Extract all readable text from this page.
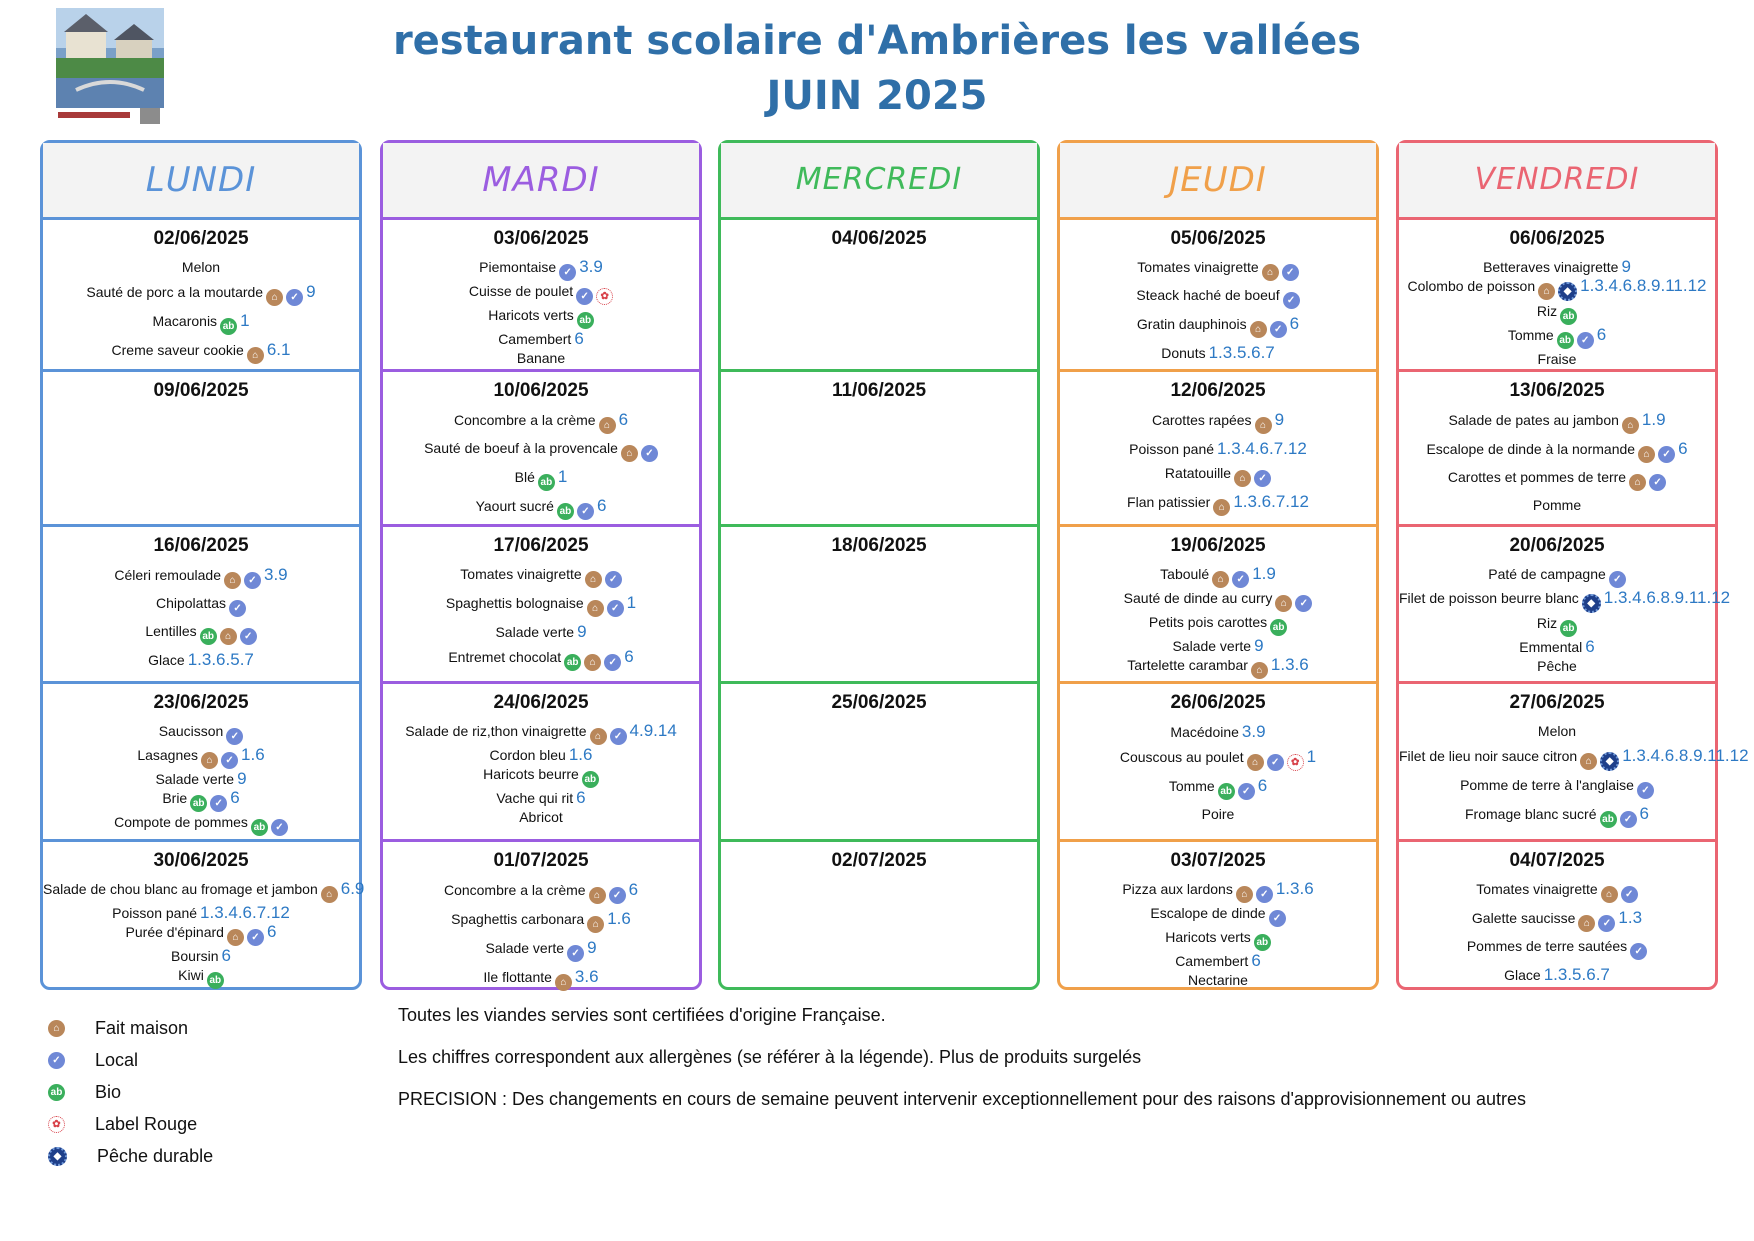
restaurant scolaire d'Ambrières les vallées
JUIN 2025
LUNDI
02/06/2025
Melon
Sauté de porc a la moutarde ⌂ ✓ 9
Macaronis ab 1
Creme saveur cookie ⌂ 6.1
09/06/2025
16/06/2025
Céleri remoulade ⌂ ✓ 3.9
Chipolattas ✓
Lentilles ab ⌂ ✓
Glace 1.3.6.5.7
23/06/2025
Saucisson ✓
Lasagnes ⌂ ✓ 1.6
Salade verte 9
Brie ab ✓ 6
Compote de pommes ab ✓
30/06/2025
Salade de chou blanc au fromage et jambon ⌂ 6.9
Poisson pané 1.3.4.6.7.12
Purée d'épinard ⌂ ✓ 6
Boursin 6
Kiwi ab
MARDI
03/06/2025
Piemontaise ✓ 3.9
Cuisse de poulet ✓ ✿
Haricots verts ab
Camembert 6
Banane
10/06/2025
Concombre a la crème ⌂ 6
Sauté de boeuf à la provencale ⌂ ✓
Blé ab 1
Yaourt sucré ab ✓ 6
17/06/2025
Tomates vinaigrette ⌂ ✓
Spaghettis bolognaise ⌂ ✓ 1
Salade verte 9
Entremet chocolat ab ⌂ ✓ 6
24/06/2025
Salade de riz,thon vinaigrette ⌂ ✓ 4.9.14
Cordon bleu 1.6
Haricots beurre ab
Vache qui rit 6
Abricot
01/07/2025
Concombre a la crème ⌂ ✓ 6
Spaghettis carbonara ⌂ 1.6
Salade verte ✓ 9
Ile flottante ⌂ 3.6
MERCREDI
04/06/2025
11/06/2025
18/06/2025
25/06/2025
02/07/2025
JEUDI
05/06/2025
Tomates vinaigrette ⌂ ✓
Steack haché de boeuf ✓
Gratin dauphinois ⌂ ✓ 6
Donuts 1.3.5.6.7
12/06/2025
Carottes rapées ⌂ 9
Poisson pané 1.3.4.6.7.12
Ratatouille ⌂ ✓
Flan patissier ⌂ 1.3.6.7.12
19/06/2025
Taboulé ⌂ ✓ 1.9
Sauté de dinde au curry ⌂ ✓
Petits pois carottes ab
Salade verte 9
Tartelette carambar ⌂ 1.3.6
26/06/2025
Macédoine 3.9
Couscous au poulet ⌂ ✓ ✿ 1
Tomme ab ✓ 6
Poire
03/07/2025
Pizza aux lardons ⌂ ✓ 1.3.6
Escalope de dinde ✓
Haricots verts ab
Camembert 6
Nectarine
VENDREDI
06/06/2025
Betteraves vinaigrette 9
Colombo de poisson ⌂ ◆ 1.3.4.6.8.9.11.12
Riz ab
Tomme ab ✓ 6
Fraise
13/06/2025
Salade de pates au jambon ⌂ 1.9
Escalope de dinde à la normande ⌂ ✓ 6
Carottes et pommes de terre ⌂ ✓
Pomme
20/06/2025
Paté de campagne ✓
Filet de poisson beurre blanc ◆ 1.3.4.6.8.9.11.12
Riz ab
Emmental 6
Pêche
27/06/2025
Melon
Filet de lieu noir sauce citron ⌂ ◆ 1.3.4.6.8.9.11.12
Pomme de terre à l'anglaise ✓
Fromage blanc sucré ab ✓ 6
04/07/2025
Tomates vinaigrette ⌂ ✓
Galette saucisse ⌂ ✓ 1.3
Pommes de terre sautées ✓
Glace 1.3.5.6.7
⌂	Fait maison
✓ Local
ab Bio
✿ Label Rouge
◆	Pêche durable

Toutes les viandes servies sont certifiées d'origine Française.

Les chiffres correspondent aux allergènes (se référer à la légende). Plus de produits surgelés

PRECISION : Des changements en cours de semaine peuvent intervenir exceptionnellement pour des raisons d'approvisionnement ou autres
